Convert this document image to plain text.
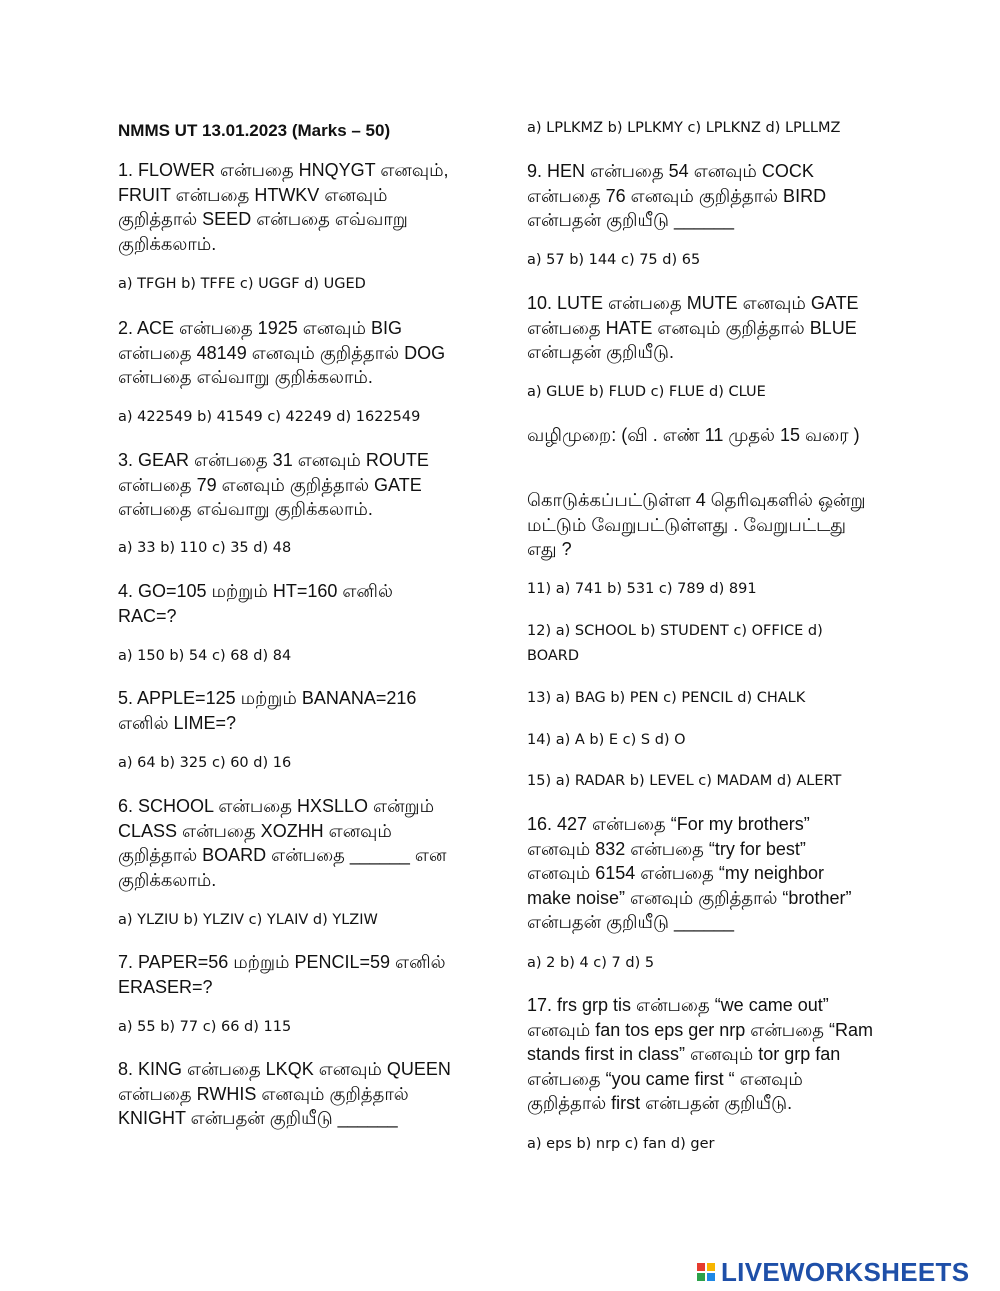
NMMS UT 13.01.2023 (Marks – 50)
1. FLOWER என்பதை HNQYGT எனவும், FRUIT என்பதை HTWKV எனவும் குறித்தால் SEED என்பதை எவ்வாறு குறிக்கலாம்.
a) TFGH b) TFFE c) UGGF d) UGED
2. ACE என்பதை 1925 எனவும் BIG என்பதை 48149 எனவும் குறித்தால் DOG என்பதை எவ்வாறு குறிக்கலாம்.
a) 422549 b) 41549 c) 42249 d) 1622549
3. GEAR என்பதை 31 எனவும் ROUTE என்பதை 79 எனவும் குறித்தால் GATE என்பதை எவ்வாறு குறிக்கலாம்.
a) 33 b) 110 c) 35 d) 48
4. GO=105 மற்றும் HT=160 எனில் RAC=?
a) 150 b) 54 c) 68 d) 84
5. APPLE=125 மற்றும் BANANA=216 எனில் LIME=?
a) 64 b) 325 c) 60 d) 16
6. SCHOOL என்பதை HXSLLO என்றும் CLASS என்பதை XOZHH எனவும் குறித்தால் BOARD என்பதை ______ என குறிக்கலாம்.
a) YLZIU b) YLZIV c) YLAIV d) YLZIW
7. PAPER=56 மற்றும் PENCIL=59 எனில் ERASER=?
a) 55 b) 77 c) 66 d) 115
8. KING என்பதை LKQK எனவும் QUEEN என்பதை RWHIS எனவும் குறித்தால் KNIGHT என்பதன் குறியீடு ______
a) LPLKMZ b) LPLKMY c) LPLKNZ d) LPLLMZ
9. HEN என்பதை 54 எனவும் COCK என்பதை 76 எனவும் குறித்தால் BIRD என்பதன் குறியீடு ______
a) 57 b) 144 c) 75 d) 65
10. LUTE என்பதை MUTE எனவும் GATE என்பதை HATE எனவும் குறித்தால் BLUE என்பதன் குறியீடு.
a) GLUE b) FLUD c) FLUE d) CLUE
வழிமுறை: (வி . எண் 11 முதல் 15 வரை )
கொடுக்கப்பட்டுள்ள 4 தெரிவுகளில் ஒன்று மட்டும் வேறுபட்டுள்ளது . வேறுபட்டது எது ?
11) a) 741 b) 531 c) 789 d) 891
12) a) SCHOOL b) STUDENT c) OFFICE d) BOARD
13) a) BAG b) PEN c) PENCIL d) CHALK
14) a) A b) E c) S d) O
15) a) RADAR b) LEVEL c) MADAM d) ALERT
16. 427 என்பதை “For my brothers” எனவும் 832 என்பதை “try for best” எனவும் 6154 என்பதை “my neighbor make noise” எனவும் குறித்தால் “brother” என்பதன் குறியீடு ______
a) 2 b) 4 c) 7 d) 5
17. frs grp tis என்பதை “we came out” எனவும் fan tos eps ger nrp என்பதை “Ram stands first in class” எனவும் tor grp fan என்பதை “you came first “ எனவும் குறித்தால் first என்பதன் குறியீடு.
a) eps b) nrp c) fan d) ger
LIVEWORKSHEETS
